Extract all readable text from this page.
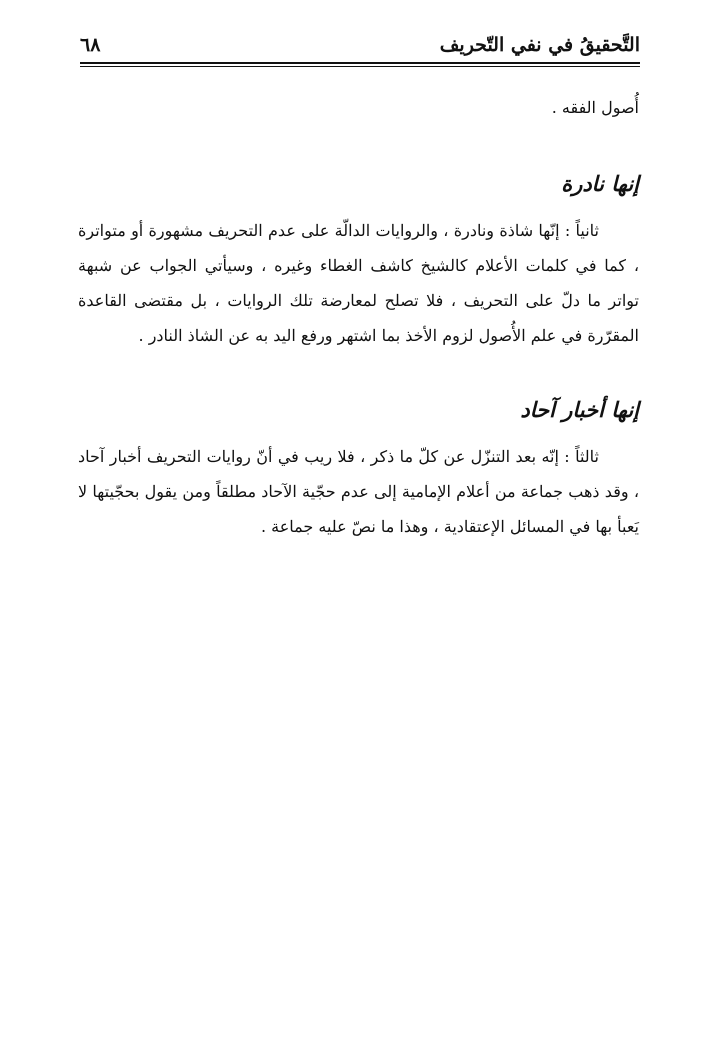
التَّحقيقُ في نفي التّحريف
٦٨

أُصول الفقه .

إنها نادرة

ثانياً : إنّها شاذة ونادرة ، والروايات الدالّة على عدم التحريف مشهورة أو متواترة ، كما في كلمات الأعلام كالشيخ كاشف الغطاء وغيره ، وسيأتي الجواب عن شبهة تواتر ما دلّ على التحريف ، فلا تصلح لمعارضة تلك الروايات ، بل مقتضى القاعدة المقرّرة في علم الأُصول لزوم الأخذ بما اشتهر ورفع اليد به عن الشاذ النادر .

إنها أخبار آحاد

ثالثاً : إنّه بعد التنزّل عن كلّ ما ذكر ، فلا ريب في أنّ روايات التحريف أخبار آحاد ، وقد ذهب جماعة من أعلام الإمامية إلى عدم حجّية الآحاد مطلقاً ومن يقول بحجّيتها لا يَعبأ بها في المسائل الإعتقادية ، وهذا ما نصّ عليه جماعة .
